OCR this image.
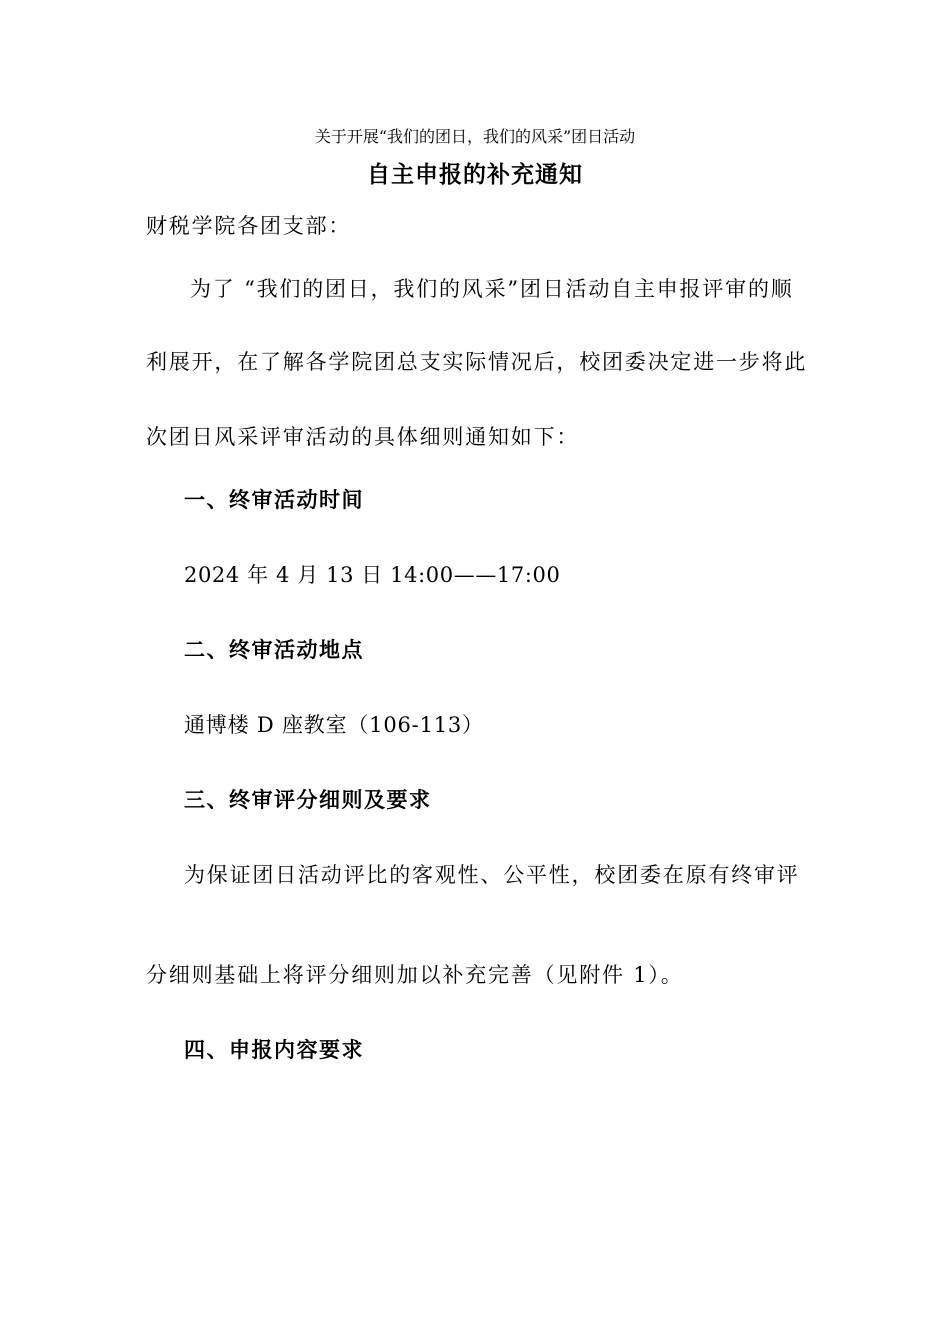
关于开展“我们的团日，我们的风采”团日活动
自主申报的补充通知
财税学院各团支部：
为了 “我们的团日，我们的风采”团日活动自主申报评审的顺
利展开，在了解各学院团总支实际情况后，校团委决定进一步将此
次团日风采评审活动的具体细则通知如下：
一、终审活动时间
2024 年 4 月 13 日 14:00——17:00
二、终审活动地点
通博楼 D 座教室（106-113）
三、终审评分细则及要求
为保证团日活动评比的客观性、公平性，校团委在原有终审评
分细则基础上将评分细则加以补充完善（见附件 1）。
四、申报内容要求
